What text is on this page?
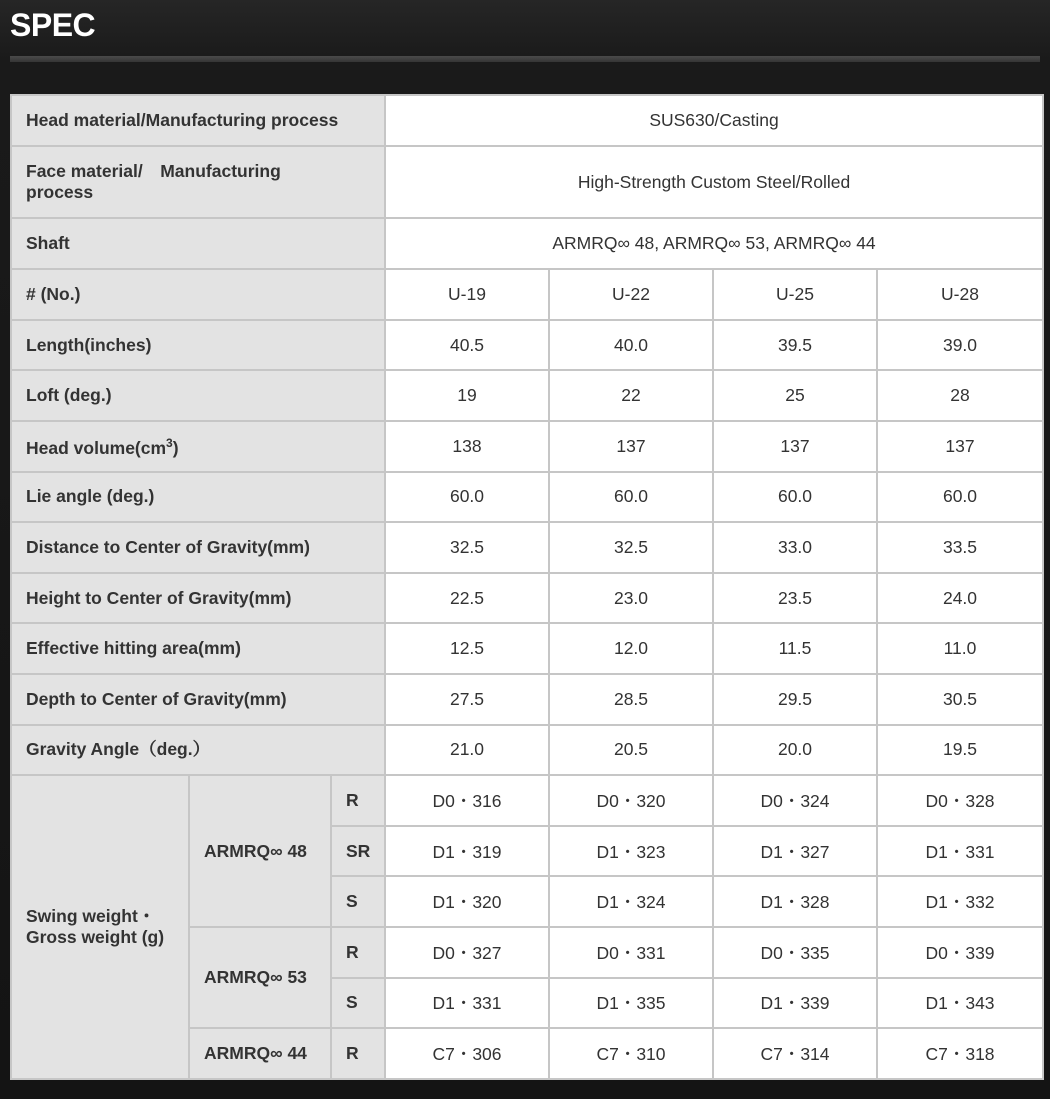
SPEC
Head material/Manufacturing process			SUS630/Casting			
Face material/　Manufacturing
process			High-Strength Custom Steel/Rolled			
Shaft			ARMRQ∞ 48, ARMRQ∞ 53, ARMRQ∞ 44			
# (No.)			U-19	U-22	U-25	U-28
Length(inches)			40.5	40.0	39.5	39.0
Loft (deg.)			19	22	25	28
Head $volume(cm^3)$			138	137	137	137
Lie angle (deg.)			60.0	60.0	60.0	60.0
Distance to Center of Gravity(mm)			32.5	32.5	33.0	33.5
Height to Center of Gravity(mm)			22.5	23.0	23.5	24.0
Effective hitting area(mm)			12.5	12.0	11.5	11.0
Depth to Center of Gravity(mm)			27.5	28.5	29.5	30.5
Gravity Angle（deg.）			21.0	20.5	20.0	19.5
Swing weight・
Gross weight (g)	ARMRQ∞ 48	R	D0・316	D0・320	D0・324	D0・328
		SR	D1・319	D1・323	D1・327	D1・331
		S	D1・320	D1・324	D1・328	D1・332
	ARMRQ∞ 53	R	D0・327	D0・331	D0・335	D0・339
		S	D1・331	D1・335	D1・339	D1・343
	ARMRQ∞ 44	R	C7・306	C7・310	C7・314	C7・318
